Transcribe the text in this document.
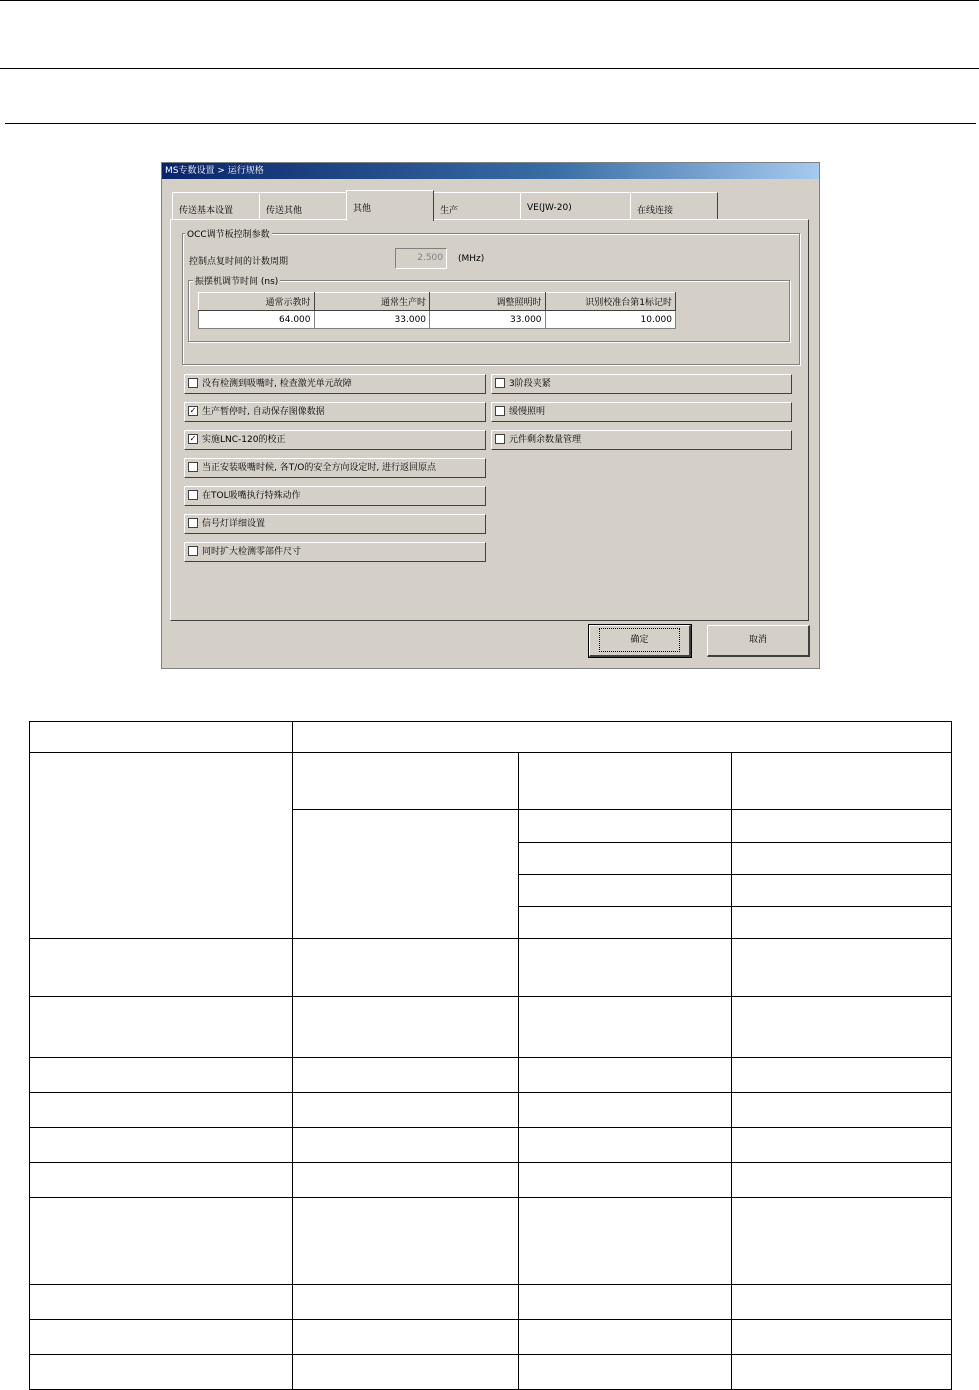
MS专数设置 > 运行规格
传送基本设置	传送其他	其他	生产	VE(JW-20)	在线连接
OCC调节板控制参数
控制点复时间的计数周期	2.500	(MHz)
振摆机调节时间 (ns)
通常示教时	通常生产时	调整照明时	识别校准台第1标记时
64.000	33.000	33.000	10.000
没有检测到吸嘴时, 检查激光单元故障
✓ 生产暂停时, 自动保存图像数据
✓ 实施LNC-120的校正
当正安装吸嘴时候, 各T/O的安全方向设定时, 进行返回原点
在TOL吸嘴执行特殊动作
信号灯详细设置
同时扩大检测零部件尺寸
3阶段夹紧
缓慢照明
元件剩余数量管理
确定	取消
